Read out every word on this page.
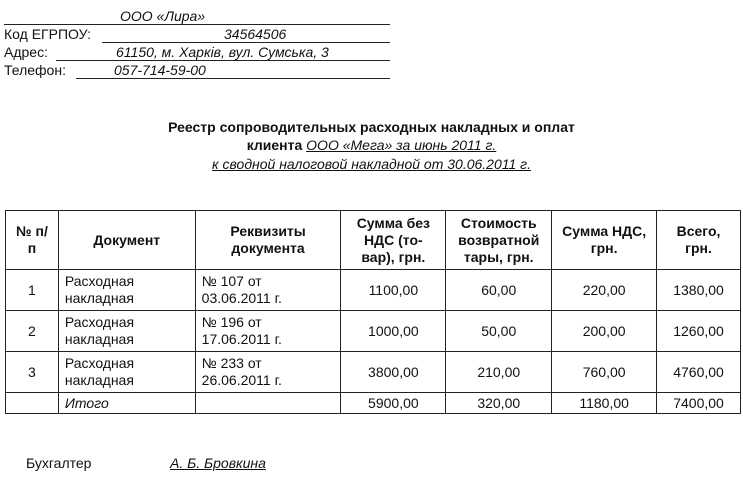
ООО «Лира»
Код ЕГРПОУ:	34564506
Адрес:	61150, м. Харків, вул. Сумська, 3
Телефон:	057-714-59-00
Реестр сопроводительных расходных накладных и оплат
клиента ООО «Мега» за июнь 2011 г.
к сводной налоговой накладной от 30.06.2011 г.
№ п/п	Документ	Реквизиты документа	Сумма без НДС (то- вар), грн.	Стоимость возвратной тары, грн.	Сумма НДС, грн.	Всего, грн.
1	Расходная накладная	№ 107 от 03.06.2011 г.	1100,00	60,00	220,00	1380,00
2	Расходная накладная	№ 196 от 17.06.2011 г.	1000,00	50,00	200,00	1260,00
3	Расходная накладная	№ 233 от 26.06.2011 г.	3800,00	210,00	760,00	4760,00
	Итого		5900,00	320,00	1180,00	7400,00
Бухгалтер	А. Б. Бровкина
